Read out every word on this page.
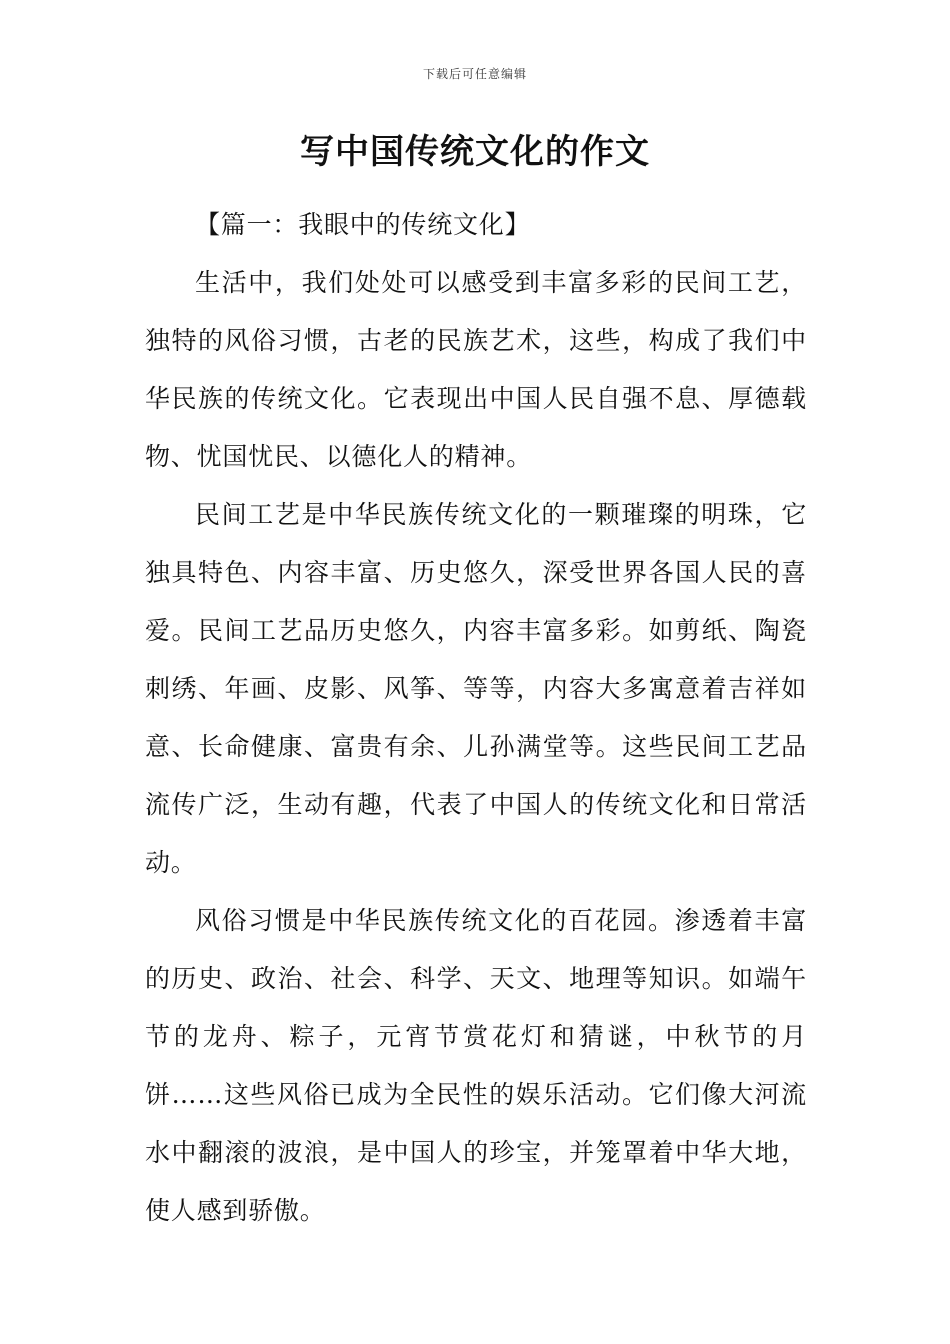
下载后可任意编辑
写中国传统文化的作文

【篇一：我眼中的传统文化】

生活中，我们处处可以感受到丰富多彩的民间工艺，独特的风俗习惯，古老的民族艺术，这些，构成了我们中华民族的传统文化。它表现出中国人民自强不息、厚德载物、忧国忧民、以德化人的精神。

民间工艺是中华民族传统文化的一颗璀璨的明珠，它独具特色、内容丰富、历史悠久，深受世界各国人民的喜爱。民间工艺品历史悠久，内容丰富多彩。如剪纸、陶瓷刺绣、年画、皮影、风筝、等等，内容大多寓意着吉祥如意、长命健康、富贵有余、儿孙满堂等。这些民间工艺品流传广泛，生动有趣，代表了中国人的传统文化和日常活动。

风俗习惯是中华民族传统文化的百花园。渗透着丰富的历史、政治、社会、科学、天文、地理等知识。如端午节的龙舟、粽子，元宵节赏花灯和猜谜，中秋节的月饼……这些风俗已成为全民性的娱乐活动。它们像大河流水中翻滚的波浪，是中国人的珍宝，并笼罩着中华大地，使人感到骄傲。
